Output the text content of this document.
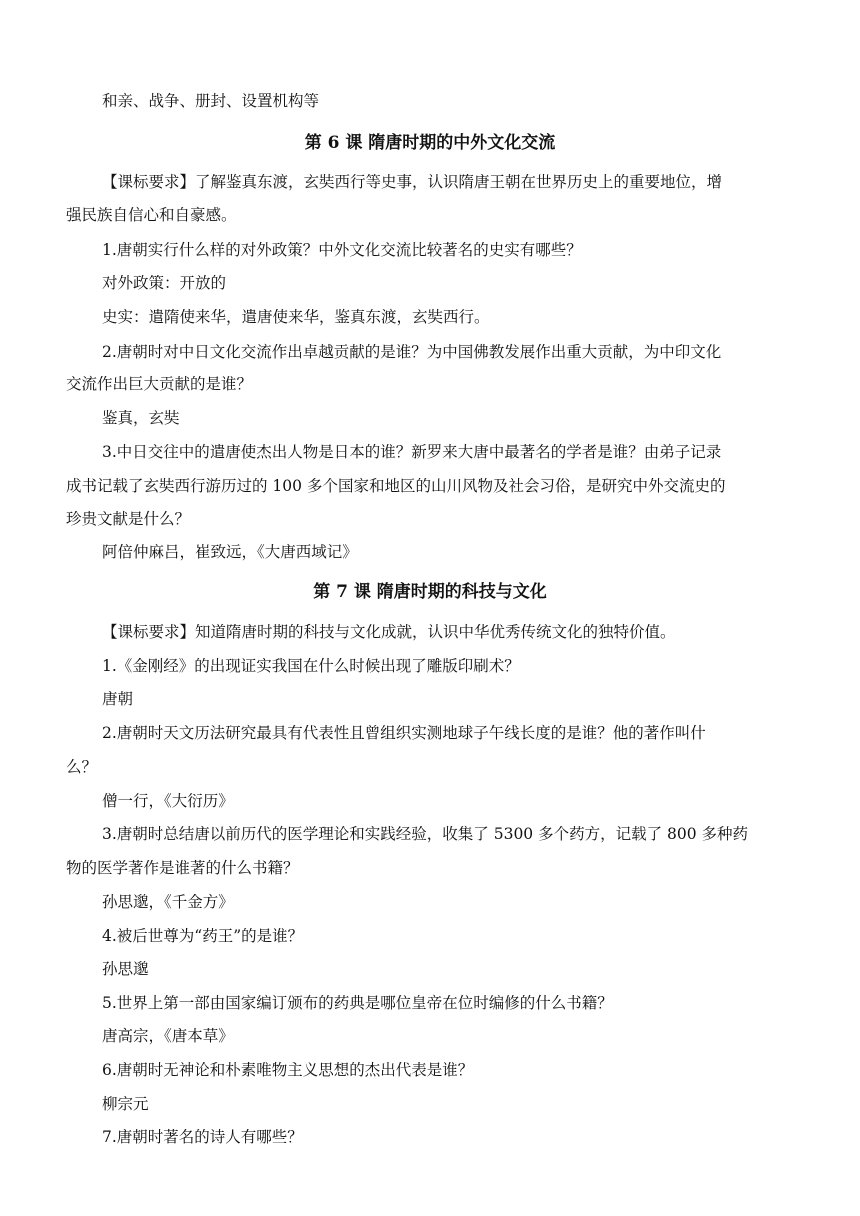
和亲、战争、册封、设置机构等

第 6 课 隋唐时期的中外文化交流

【课标要求】了解鉴真东渡，玄奘西行等史事，认识隋唐王朝在世界历史上的重要地位，增

强民族自信心和自豪感。

1.唐朝实行什么样的对外政策？中外文化交流比较著名的史实有哪些？

对外政策：开放的

史实：遣隋使来华，遣唐使来华，鉴真东渡，玄奘西行。

2.唐朝时对中日文化交流作出卓越贡献的是谁？为中国佛教发展作出重大贡献，为中印文化

交流作出巨大贡献的是谁？

鉴真，玄奘

3.中日交往中的遣唐使杰出人物是日本的谁？新罗来大唐中最著名的学者是谁？由弟子记录

成书记载了玄奘西行游历过的 100 多个国家和地区的山川风物及社会习俗，是研究中外交流史的

珍贵文献是什么？

阿倍仲麻吕，崔致远，《大唐西域记》

第 7 课 隋唐时期的科技与文化

【课标要求】知道隋唐时期的科技与文化成就，认识中华优秀传统文化的独特价值。

1.《金刚经》的出现证实我国在什么时候出现了雕版印刷术？

唐朝

2.唐朝时天文历法研究最具有代表性且曾组织实测地球子午线长度的是谁？他的著作叫什

么？

僧一行，《大衍历》

3.唐朝时总结唐以前历代的医学理论和实践经验，收集了 5300 多个药方，记载了 800 多种药

物的医学著作是谁著的什么书籍？

孙思邈，《千金方》

4.被后世尊为“药王”的是谁？

孙思邈

5.世界上第一部由国家编订颁布的药典是哪位皇帝在位时编修的什么书籍？

唐高宗，《唐本草》

6.唐朝时无神论和朴素唯物主义思想的杰出代表是谁？

柳宗元

7.唐朝时著名的诗人有哪些？
